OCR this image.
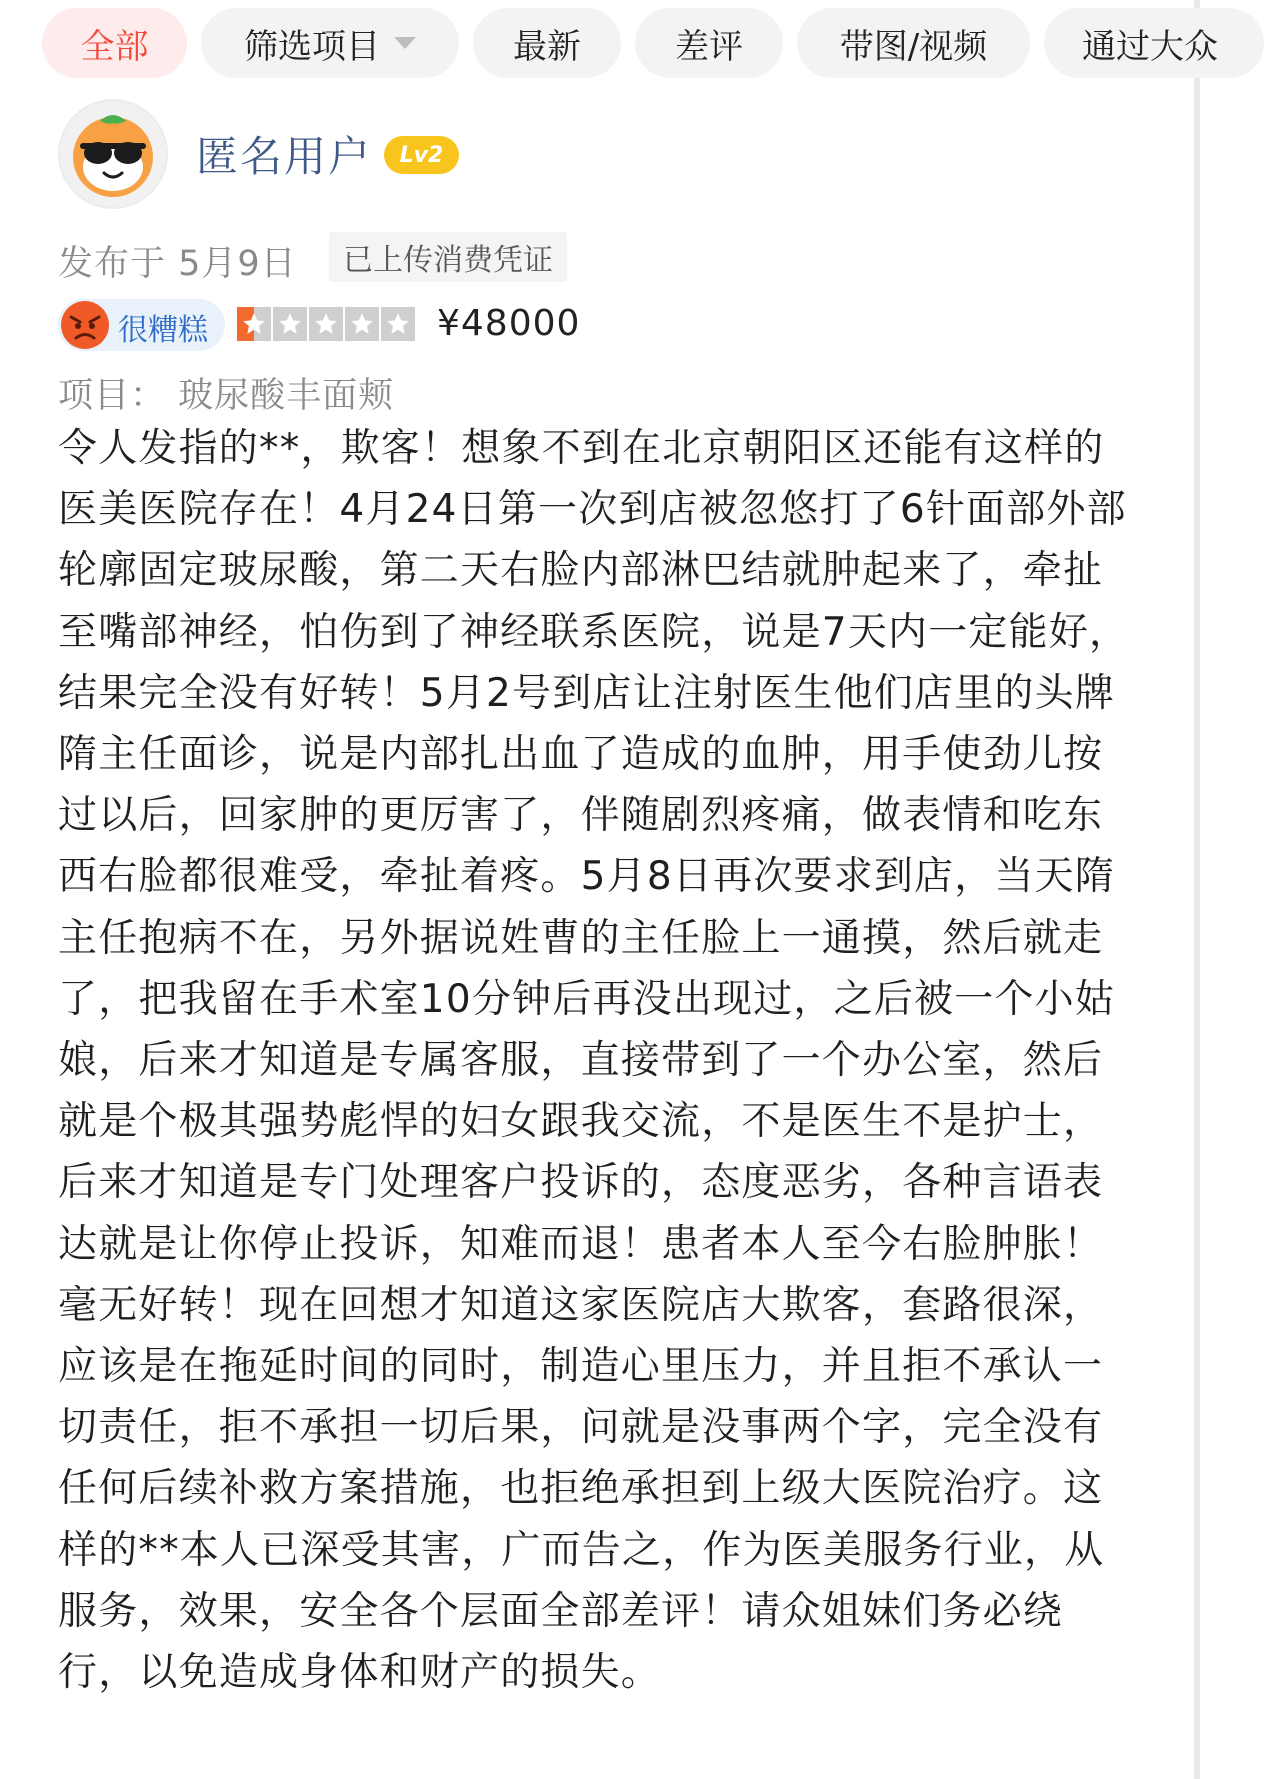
全部	筛选项目	最新	差评	带图/视频	通过大众
匿名用户	Lv2
发布于 5月9日	已上传消费凭证
很糟糕	¥48000
项目： 玻尿酸丰面颊

令人发指的**，欺客！想象不到在北京朝阳区还能有这样的医美医院存在！4月24日第一次到店被忽悠打了6针面部外部轮廓固定玻尿酸，第二天右脸内部淋巴结就肿起来了，牵扯至嘴部神经，怕伤到了神经联系医院，说是7天内一定能好，结果完全没有好转！5月2号到店让注射医生他们店里的头牌隋主任面诊，说是内部扎出血了造成的血肿，用手使劲儿按过以后，回家肿的更厉害了，伴随剧烈疼痛，做表情和吃东西右脸都很难受，牵扯着疼。5月8日再次要求到店，当天隋主任抱病不在，另外据说姓曹的主任脸上一通摸，然后就走了，把我留在手术室10分钟后再没出现过，之后被一个小姑娘，后来才知道是专属客服，直接带到了一个办公室，然后就是个极其强势彪悍的妇女跟我交流，不是医生不是护士，后来才知道是专门处理客户投诉的，态度恶劣，各种言语表达就是让你停止投诉，知难而退！患者本人至今右脸肿胀！毫无好转！现在回想才知道这家医院店大欺客，套路很深，应该是在拖延时间的同时，制造心里压力，并且拒不承认一切责任，拒不承担一切后果，问就是没事两个字，完全没有任何后续补救方案措施，也拒绝承担到上级大医院治疗。这样的**本人已深受其害，广而告之，作为医美服务行业，从服务，效果，安全各个层面全部差评！请众姐妹们务必绕行，以免造成身体和财产的损失。
